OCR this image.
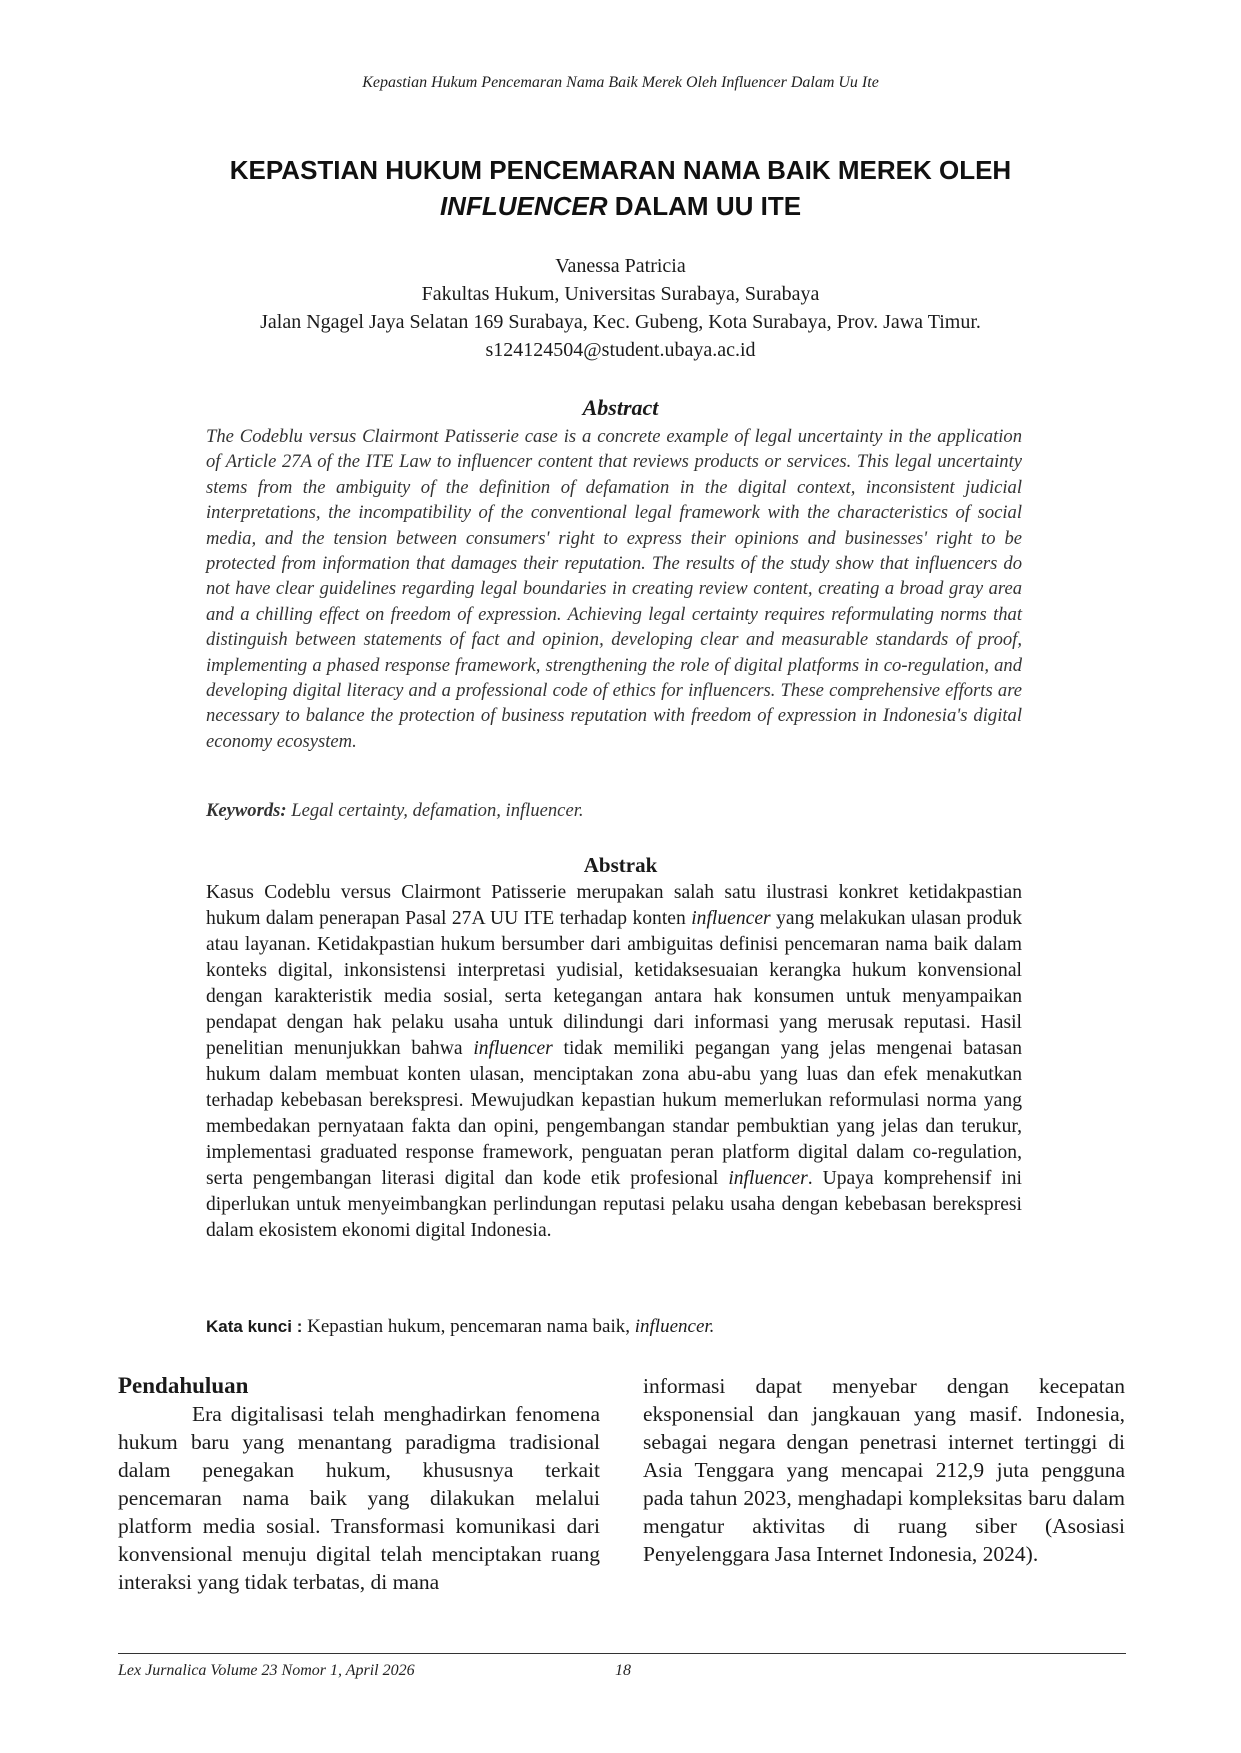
Kepastian Hukum Pencemaran Nama Baik Merek Oleh Influencer Dalam Uu Ite
KEPASTIAN HUKUM PENCEMARAN NAMA BAIK MEREK OLEH
INFLUENCER DALAM UU ITE
Vanessa Patricia
Fakultas Hukum, Universitas Surabaya, Surabaya
Jalan Ngagel Jaya Selatan 169 Surabaya, Kec. Gubeng, Kota Surabaya, Prov. Jawa Timur.
s124124504@student.ubaya.ac.id
Abstract

The Codeblu versus Clairmont Patisserie case is a concrete example of legal uncertainty in the application of Article 27A of the ITE Law to influencer content that reviews products or services. This legal uncertainty stems from the ambiguity of the definition of defamation in the digital context, inconsistent judicial interpretations, the incompatibility of the conventional legal framework with the characteristics of social media, and the tension between consumers' right to express their opinions and businesses' right to be protected from information that damages their reputation. The results of the study show that influencers do not have clear guidelines regarding legal boundaries in creating review content, creating a broad gray area and a chilling effect on freedom of expression. Achieving legal certainty requires reformulating norms that distinguish between statements of fact and opinion, developing clear and measurable standards of proof, implementing a phased response framework, strengthening the role of digital platforms in co-regulation, and developing digital literacy and a professional code of ethics for influencers. These comprehensive efforts are necessary to balance the protection of business reputation with freedom of expression in Indonesia's digital economy ecosystem.

Keywords: Legal certainty, defamation, influencer.
Abstrak

Kasus Codeblu versus Clairmont Patisserie merupakan salah satu ilustrasi konkret ketidakpastian hukum dalam penerapan Pasal 27A UU ITE terhadap konten influencer yang melakukan ulasan produk atau layanan. Ketidakpastian hukum bersumber dari ambiguitas definisi pencemaran nama baik dalam konteks digital, inkonsistensi interpretasi yudisial, ketidaksesuaian kerangka hukum konvensional dengan karakteristik media sosial, serta ketegangan antara hak konsumen untuk menyampaikan pendapat dengan hak pelaku usaha untuk dilindungi dari informasi yang merusak reputasi. Hasil penelitian menunjukkan bahwa influencer tidak memiliki pegangan yang jelas mengenai batasan hukum dalam membuat konten ulasan, menciptakan zona abu-abu yang luas dan efek menakutkan terhadap kebebasan berekspresi. Mewujudkan kepastian hukum memerlukan reformulasi norma yang membedakan pernyataan fakta dan opini, pengembangan standar pembuktian yang jelas dan terukur, implementasi graduated response framework, penguatan peran platform digital dalam co-regulation, serta pengembangan literasi digital dan kode etik profesional influencer. Upaya komprehensif ini diperlukan untuk menyeimbangkan perlindungan reputasi pelaku usaha dengan kebebasan berekspresi dalam ekosistem ekonomi digital Indonesia.

Kata kunci : Kepastian hukum, pencemaran nama baik, influencer.
Pendahuluan

Era digitalisasi telah menghadirkan fenomena hukum baru yang menantang paradigma tradisional dalam penegakan hukum, khususnya terkait pencemaran nama baik yang dilakukan melalui platform media sosial. Transformasi komunikasi dari konvensional menuju digital telah menciptakan ruang interaksi yang tidak terbatas, di mana

informasi dapat menyebar dengan kecepatan eksponensial dan jangkauan yang masif. Indonesia, sebagai negara dengan penetrasi internet tertinggi di Asia Tenggara yang mencapai 212,9 juta pengguna pada tahun 2023, menghadapi kompleksitas baru dalam mengatur aktivitas di ruang siber (Asosiasi Penyelenggara Jasa Internet Indonesia, 2024).

Lex Jurnalica Volume 23 Nomor 1, April 2026	18
